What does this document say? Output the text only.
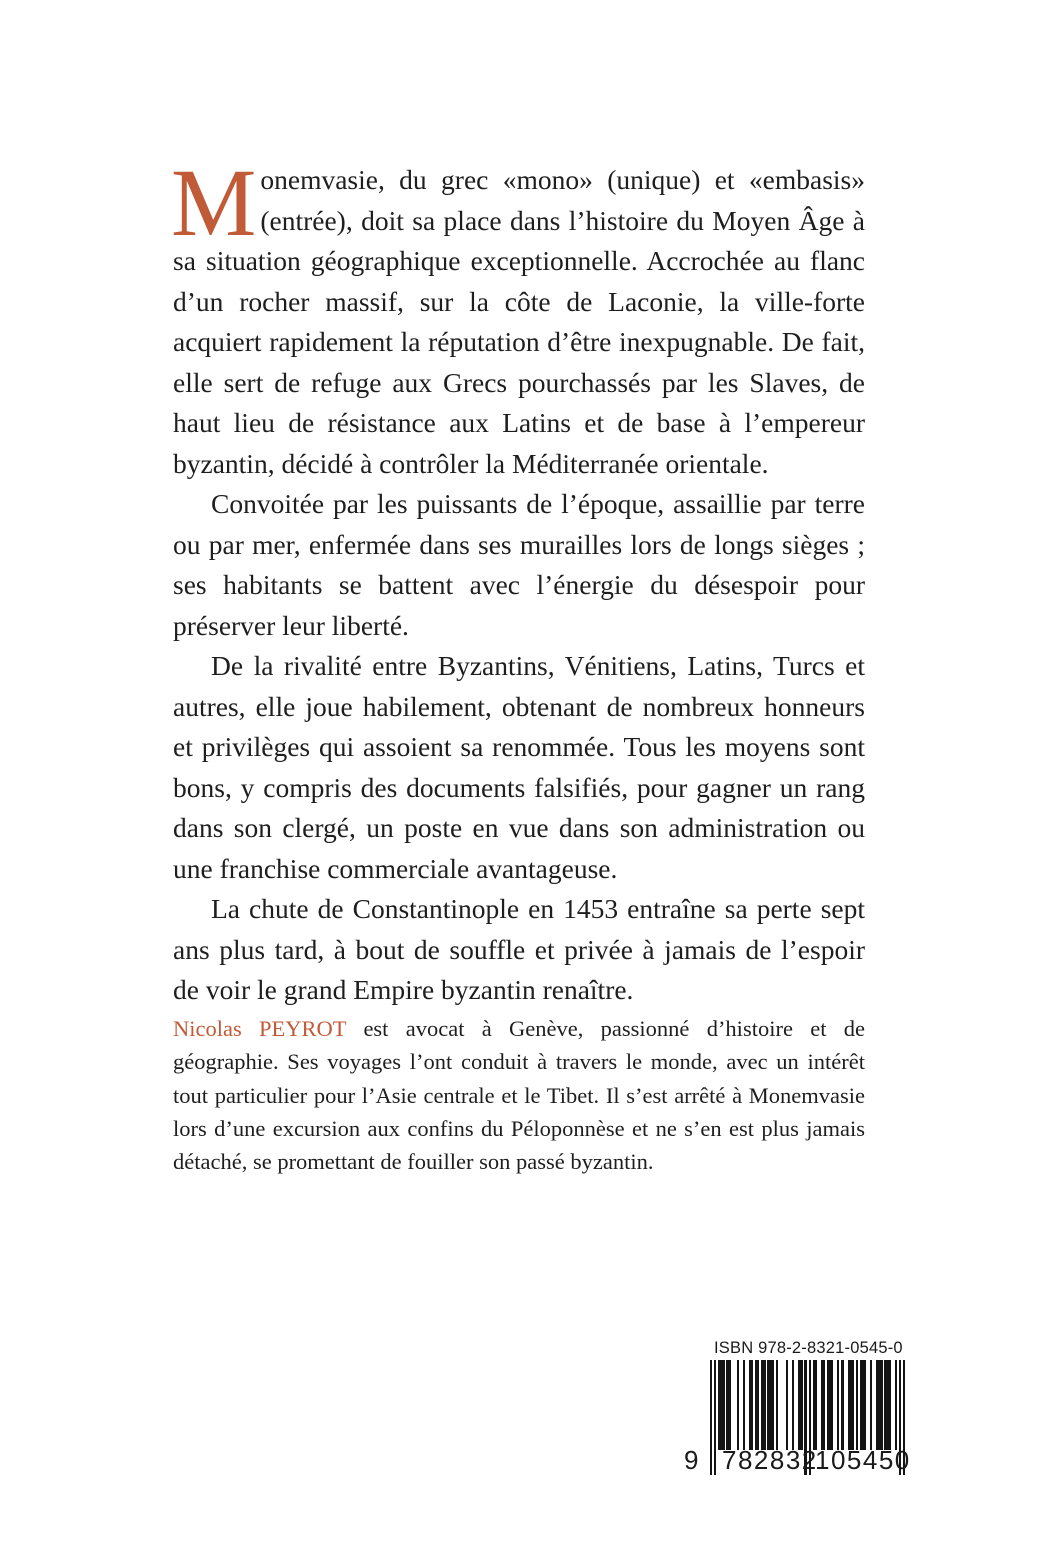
Monemvasie, du grec «mono» (unique) et «embasis» (entrée), doit sa place dans l’histoire du Moyen Âge à sa situation géographique exceptionnelle. Accrochée au flanc d’un rocher massif, sur la côte de Laconie, la ville-forte acquiert rapidement la réputation d’être inexpugnable. De fait, elle sert de refuge aux Grecs pourchassés par les Slaves, de haut lieu de résistance aux Latins et de base à l’empereur byzantin, décidé à contrôler la Méditerranée orientale.

Convoitée par les puissants de l’époque, assaillie par terre ou par mer, enfermée dans ses murailles lors de longs sièges ; ses habitants se battent avec l’énergie du désespoir pour préserver leur liberté.

De la rivalité entre Byzantins, Vénitiens, Latins, Turcs et autres, elle joue habilement, obtenant de nombreux honneurs et privilèges qui assoient sa renommée. Tous les moyens sont bons, y compris des documents falsifiés, pour gagner un rang dans son clergé, un poste en vue dans son administration ou une franchise commerciale avantageuse.

La chute de Constantinople en 1453 entraîne sa perte sept ans plus tard, à bout de souffle et privée à jamais de l’espoir de voir le grand Empire byzantin renaître.

Nicolas PEYROT est avocat à Genève, passionné d’histoire et de géographie. Ses voyages l’ont conduit à travers le monde, avec un intérêt tout particulier pour l’Asie centrale et le Tibet. Il s’est arrêté à Monemvasie lors d’une excursion aux confins du Péloponnèse et ne s’en est plus jamais détaché, se promettant de fouiller son passé byzantin.
ISBN 978-2-8321-0545-0
9 782832
105450
